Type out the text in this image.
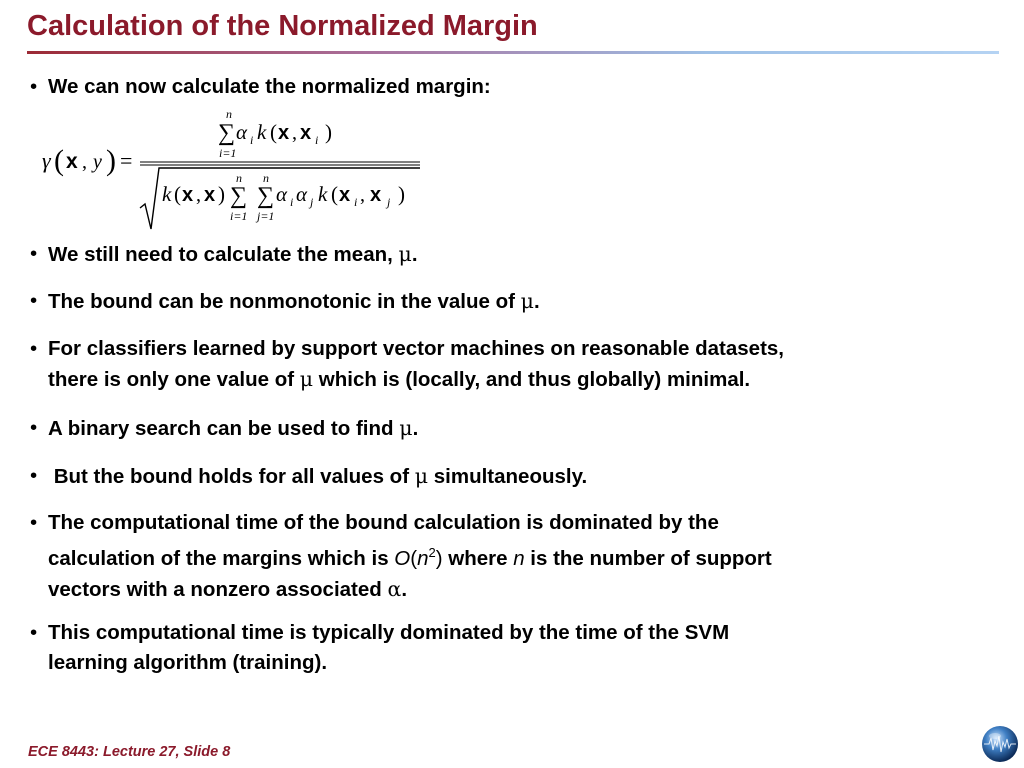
Calculation of the Normalized Margin
• We can now calculate the normalized margin:
• We still need to calculate the mean, μ.
• The bound can be nonmonotonic in the value of μ.
• For classifiers learned by support vector machines on reasonable datasets,
there is only one value of μ which is (locally, and thus globally) minimal.
• A binary search can be used to find μ.
• But the bound holds for all values of μ simultaneously.
• The computational time of the bound calculation is dominated by the
calculation of the margins which is $O(n^2)$ where n is the number of support
vectors with a nonzero associated α.
• This computational time is typically dominated by the time of the SVM
learning algorithm (training).
γ ( x , y ) =
n
∑
i=1
α i k ( x , x i )
k ( x , x )
n
∑
i=1
n
∑
j=1
α i α j k ( x i , x j )
ECE 8443: Lecture 27, Slide 8
